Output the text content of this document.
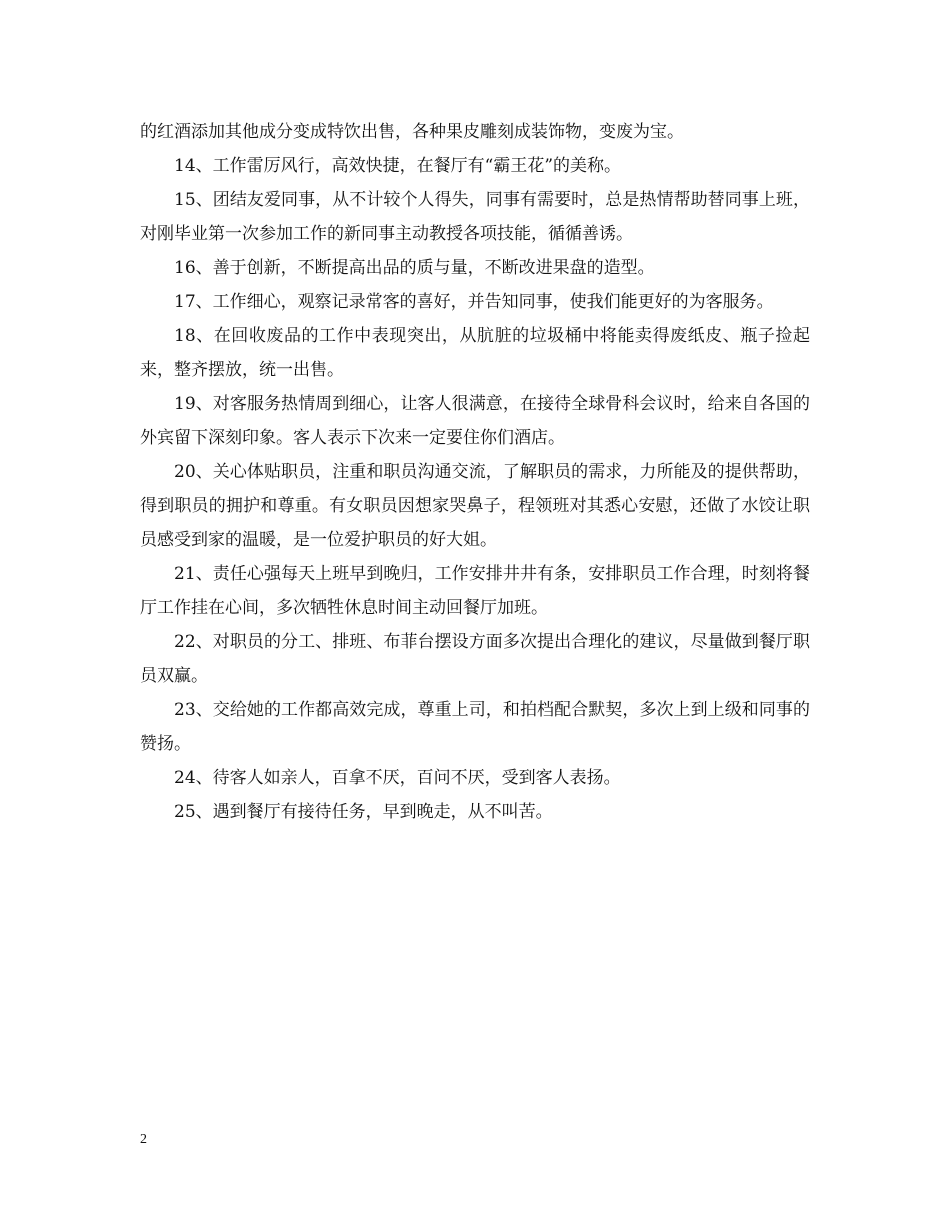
的红酒添加其他成分变成特饮出售，各种果皮雕刻成装饰物，变废为宝。

14、工作雷厉风行，高效快捷，在餐厅有“霸王花”的美称。

15、团结友爱同事，从不计较个人得失，同事有需要时，总是热情帮助替同事上班，对刚毕业第一次参加工作的新同事主动教授各项技能，循循善诱。

16、善于创新，不断提高出品的质与量，不断改进果盘的造型。

17、工作细心，观察记录常客的喜好，并告知同事，使我们能更好的为客服务。

18、在回收废品的工作中表现突出，从肮脏的垃圾桶中将能卖得废纸皮、瓶子捡起来，整齐摆放，统一出售。

19、对客服务热情周到细心，让客人很满意，在接待全球骨科会议时，给来自各国的外宾留下深刻印象。客人表示下次来一定要住你们酒店。

20、关心体贴职员，注重和职员沟通交流，了解职员的需求，力所能及的提供帮助，得到职员的拥护和尊重。有女职员因想家哭鼻子，程领班对其悉心安慰，还做了水饺让职员感受到家的温暖，是一位爱护职员的好大姐。

21、责任心强每天上班早到晚归，工作安排井井有条，安排职员工作合理，时刻将餐厅工作挂在心间，多次牺牲休息时间主动回餐厅加班。

22、对职员的分工、排班、布菲台摆设方面多次提出合理化的建议，尽量做到餐厅职员双赢。

23、交给她的工作都高效完成，尊重上司，和拍档配合默契，多次上到上级和同事的赞扬。

24、待客人如亲人，百拿不厌，百问不厌，受到客人表扬。

25、遇到餐厅有接待任务，早到晚走，从不叫苦。

2
